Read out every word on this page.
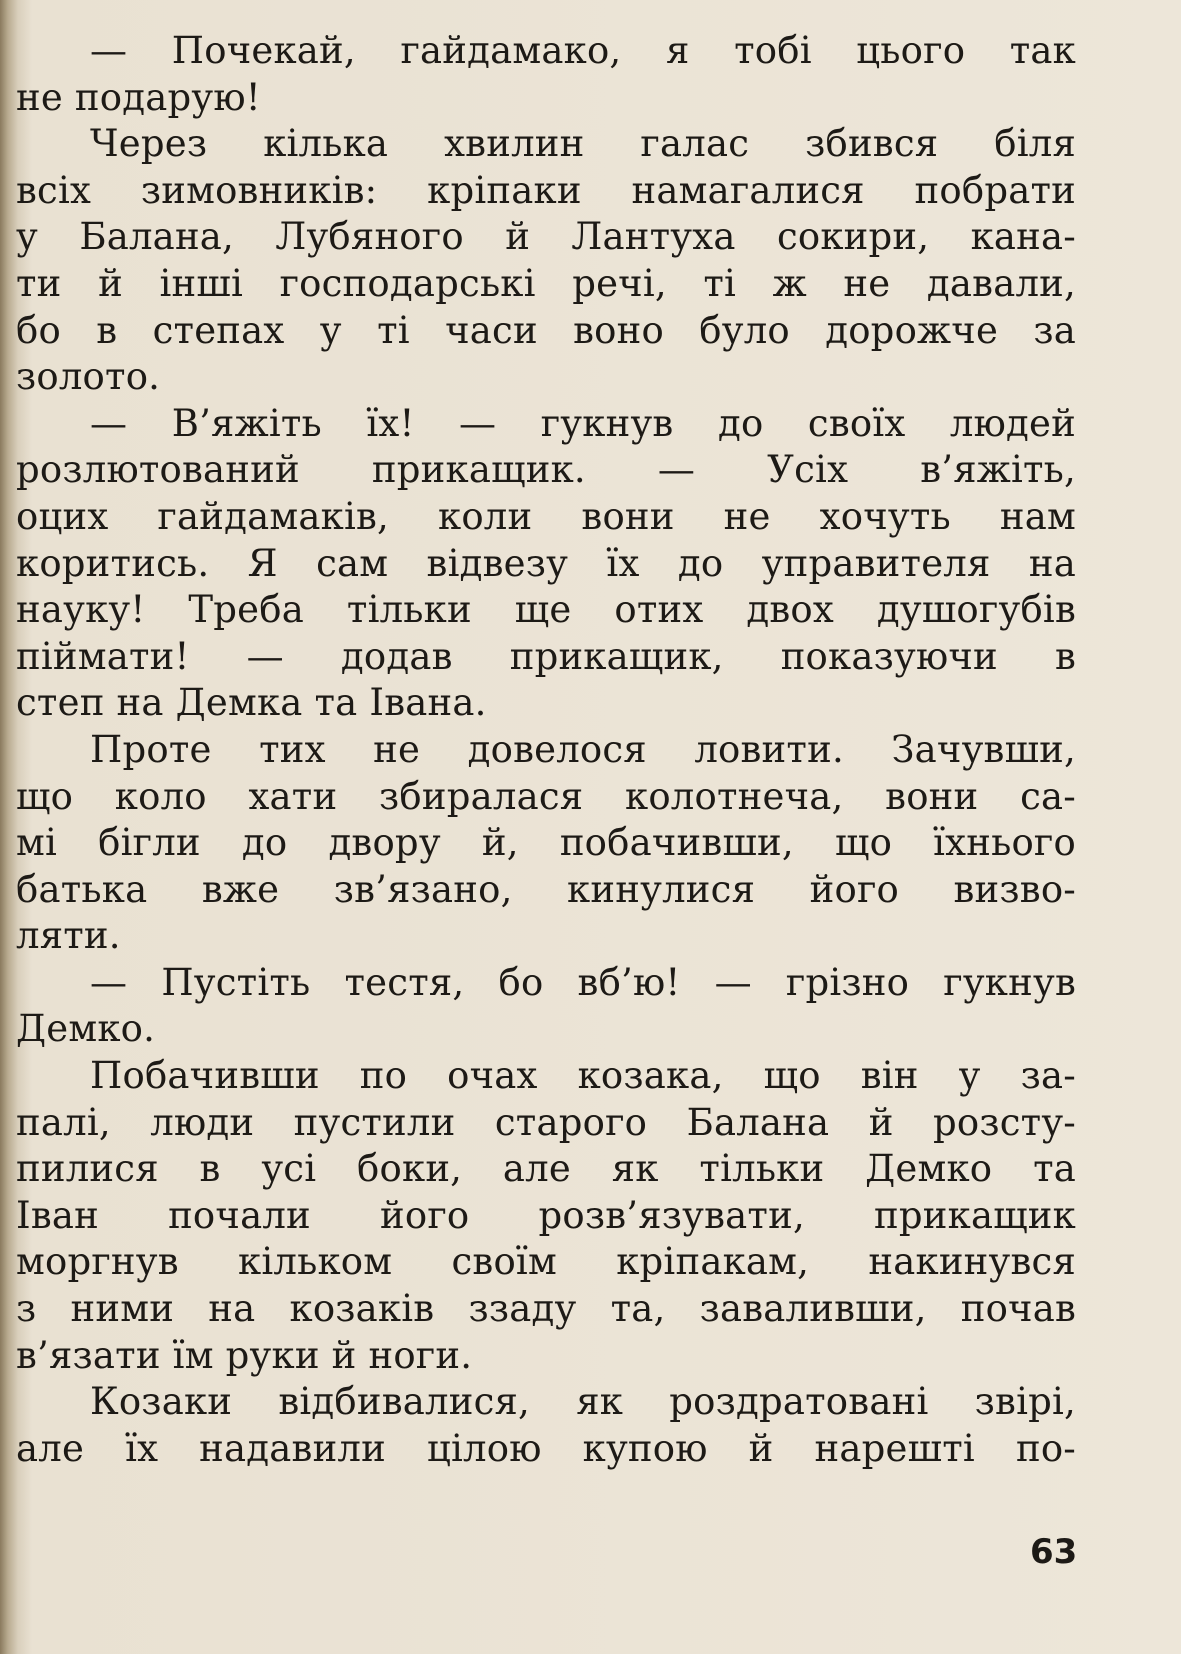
— Почекай, гайдамако, я тобі цього так
не подарую!
Через кілька хвилин галас збився біля
всіх зимовників: кріпаки намагалися побрати
у Балана, Лубяного й Лантуха сокири, кана-
ти й інші господарські речі, ті ж не давали,
бо в степах у ті часи воно було дорожче за
золото.
— В’яжіть їх! — гукнув до своїх людей
розлютований прикащик. — Усіх в’яжіть,
оцих гайдамаків, коли вони не хочуть нам
коритись. Я сам відвезу їх до управителя на
науку! Треба тільки ще отих двох душогубів
піймати! — додав прикащик, показуючи в
степ на Демка та Івана.
Проте тих не довелося ловити. Зачувши,
що коло хати збиралася колотнеча, вони са-
мі бігли до двору й, побачивши, що їхнього
батька вже зв’язано, кинулися його визво-
ляти.
— Пустіть тестя, бо вб’ю! — грізно гукнув
Демко.
Побачивши по очах козака, що він у за-
палі, люди пустили старого Балана й розсту-
пилися в усі боки, але як тільки Демко та
Іван почали його розв’язувати, прикащик
моргнув кільком своїм кріпакам, накинувся
з ними на козаків ззаду та, заваливши, почав
в’язати їм руки й ноги.
Козаки відбивалися, як роздратовані звірі,
але їх надавили цілою купою й нарешті по-
63
